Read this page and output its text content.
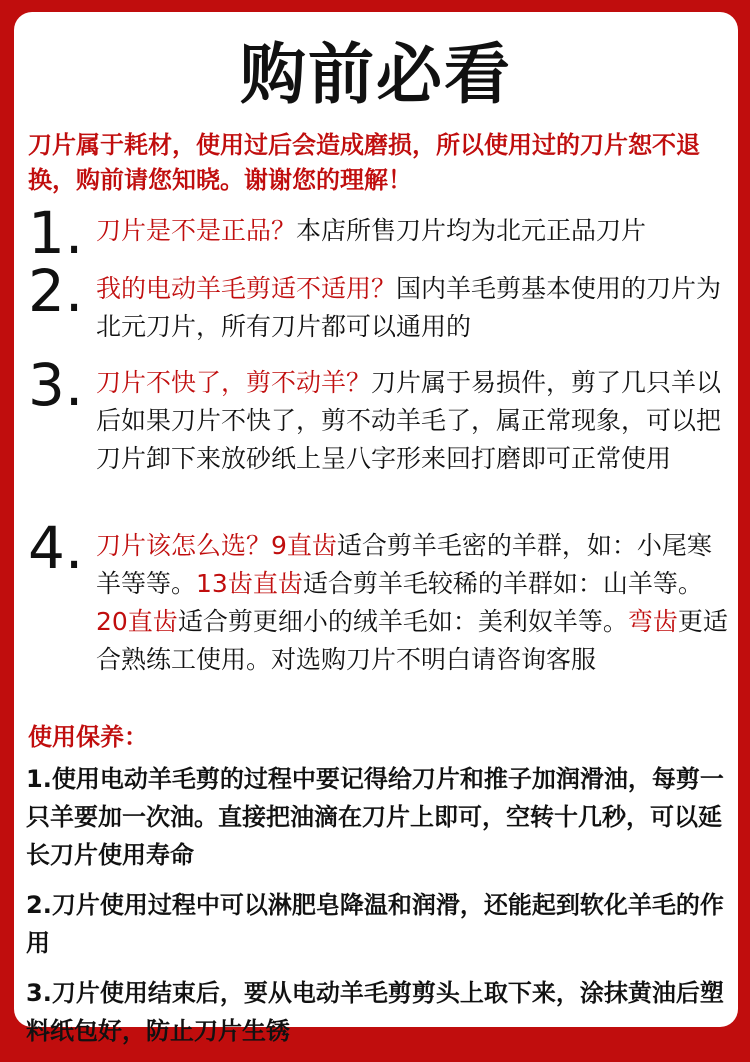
购前必看
刀片属于耗材，使用过后会造成磨损，所以使用过的刀片恕不退换，购前请您知晓。谢谢您的理解！
1. 刀片是不是正品？本店所售刀片均为北元正品刀片
2. 我的电动羊毛剪适不适用？国内羊毛剪基本使用的刀片为北元刀片，所有刀片都可以通用的
3. 刀片不快了，剪不动羊？刀片属于易损件，剪了几只羊以后如果刀片不快了，剪不动羊毛了，属正常现象，可以把刀片卸下来放砂纸上呈八字形来回打磨即可正常使用
4. 刀片该怎么选？9直齿适合剪羊毛密的羊群，如：小尾寒羊等等。13齿直齿适合剪羊毛较稀的羊群如：山羊等。20直齿适合剪更细小的绒羊毛如：美利奴羊等。弯齿更适合熟练工使用。对选购刀片不明白请咨询客服
使用保养：

1.使用电动羊毛剪的过程中要记得给刀片和推子加润滑油，每剪一只羊要加一次油。直接把油滴在刀片上即可，空转十几秒，可以延长刀片使用寿命

2.刀片使用过程中可以淋肥皂降温和润滑，还能起到软化羊毛的作用

3.刀片使用结束后，要从电动羊毛剪剪头上取下来，涂抹黄油后塑料纸包好，防止刀片生锈
